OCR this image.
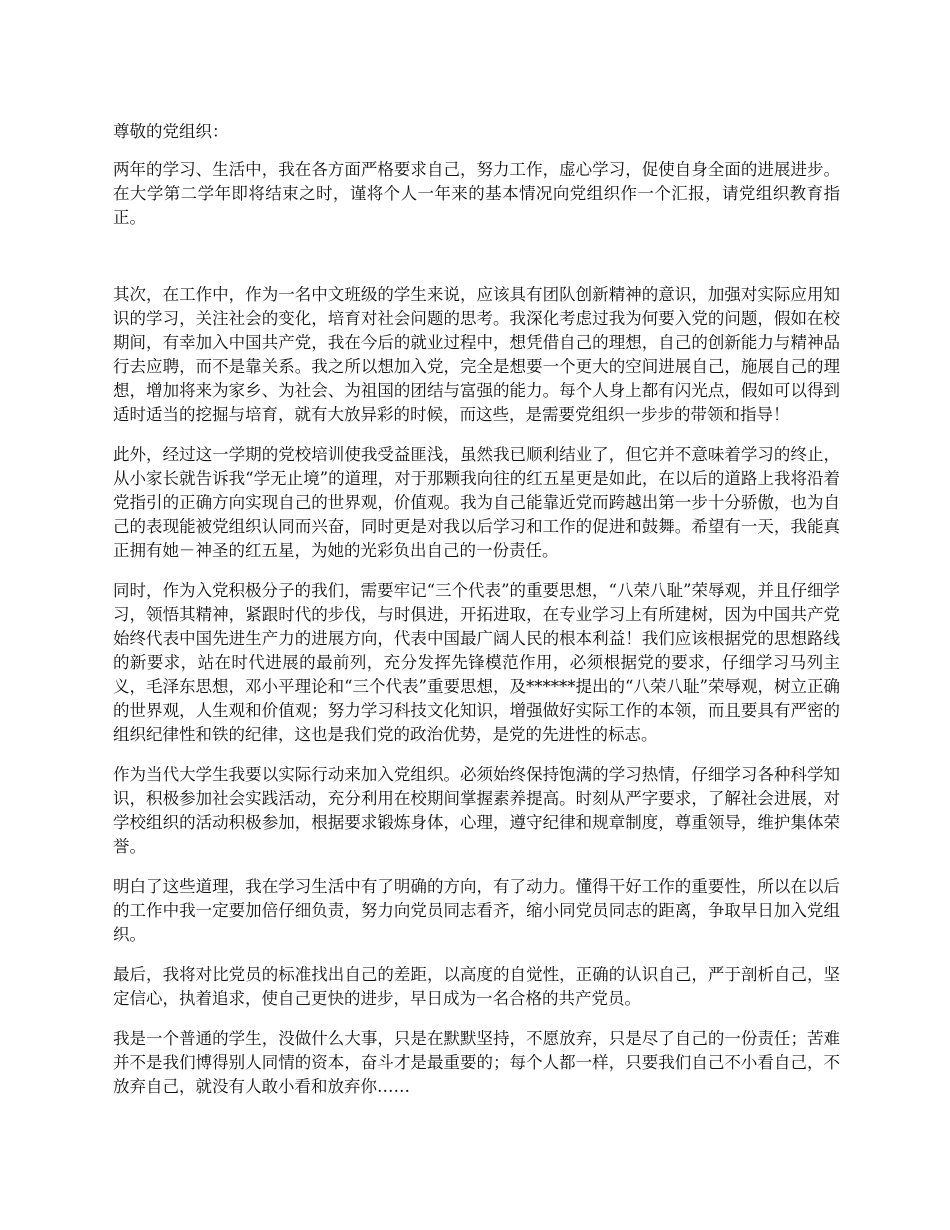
尊敬的党组织：

两年的学习、生活中，我在各方面严格要求自己，努力工作，虚心学习，促使自身全面的进展进步。在大学第二学年即将结束之时，谨将个人一年来的基本情况向党组织作一个汇报，请党组织教育指正。

其次，在工作中，作为一名中文班级的学生来说，应该具有团队创新精神的意识，加强对实际应用知识的学习，关注社会的变化，培育对社会问题的思考。我深化考虑过我为何要入党的问题，假如在校期间，有幸加入中国共产党，我在今后的就业过程中，想凭借自己的理想，自己的创新能力与精神品行去应聘，而不是靠关系。我之所以想加入党，完全是想要一个更大的空间进展自己，施展自己的理想，增加将来为家乡、为社会、为祖国的团结与富强的能力。每个人身上都有闪光点，假如可以得到适时适当的挖掘与培育，就有大放异彩的时候，而这些，是需要党组织一步步的带领和指导！

此外，经过这一学期的党校培训使我受益匪浅，虽然我已顺利结业了，但它并不意味着学习的终止，从小家长就告诉我“学无止境”的道理，对于那颗我向往的红五星更是如此，在以后的道路上我将沿着党指引的正确方向实现自己的世界观，价值观。我为自己能靠近党而跨越出第一步十分骄傲，也为自己的表现能被党组织认同而兴奋，同时更是对我以后学习和工作的促进和鼓舞。希望有一天，我能真正拥有她－神圣的红五星，为她的光彩负出自己的一份责任。

同时，作为入党积极分子的我们，需要牢记“三个代表”的重要思想，“八荣八耻”荣辱观，并且仔细学习，领悟其精神，紧跟时代的步伐，与时俱进，开拓进取，在专业学习上有所建树，因为中国共产党始终代表中国先进生产力的进展方向，代表中国最广阔人民的根本利益！我们应该根据党的思想路线的新要求，站在时代进展的最前列，充分发挥先锋模范作用，必须根据党的要求，仔细学习马列主义，毛泽东思想，邓小平理论和“三个代表”重要思想，及******提出的“八荣八耻”荣辱观，树立正确的世界观，人生观和价值观；努力学习科技文化知识，增强做好实际工作的本领，而且要具有严密的组织纪律性和铁的纪律，这也是我们党的政治优势，是党的先进性的标志。

作为当代大学生我要以实际行动来加入党组织。必须始终保持饱满的学习热情，仔细学习各种科学知识，积极参加社会实践活动，充分利用在校期间掌握素养提高。时刻从严字要求，了解社会进展，对学校组织的活动积极参加，根据要求锻炼身体，心理，遵守纪律和规章制度，尊重领导，维护集体荣誉。

明白了这些道理，我在学习生活中有了明确的方向，有了动力。懂得干好工作的重要性，所以在以后的工作中我一定要加倍仔细负责，努力向党员同志看齐，缩小同党员同志的距离，争取早日加入党组织。

最后，我将对比党员的标准找出自己的差距，以高度的自觉性，正确的认识自己，严于剖析自己，坚定信心，执着追求，使自己更快的进步，早日成为一名合格的共产党员。

我是一个普通的学生，没做什么大事，只是在默默坚持，不愿放弃，只是尽了自己的一份责任；苦难并不是我们博得别人同情的资本，奋斗才是最重要的；每个人都一样，只要我们自己不小看自己，不放弃自己，就没有人敢小看和放弃你……
